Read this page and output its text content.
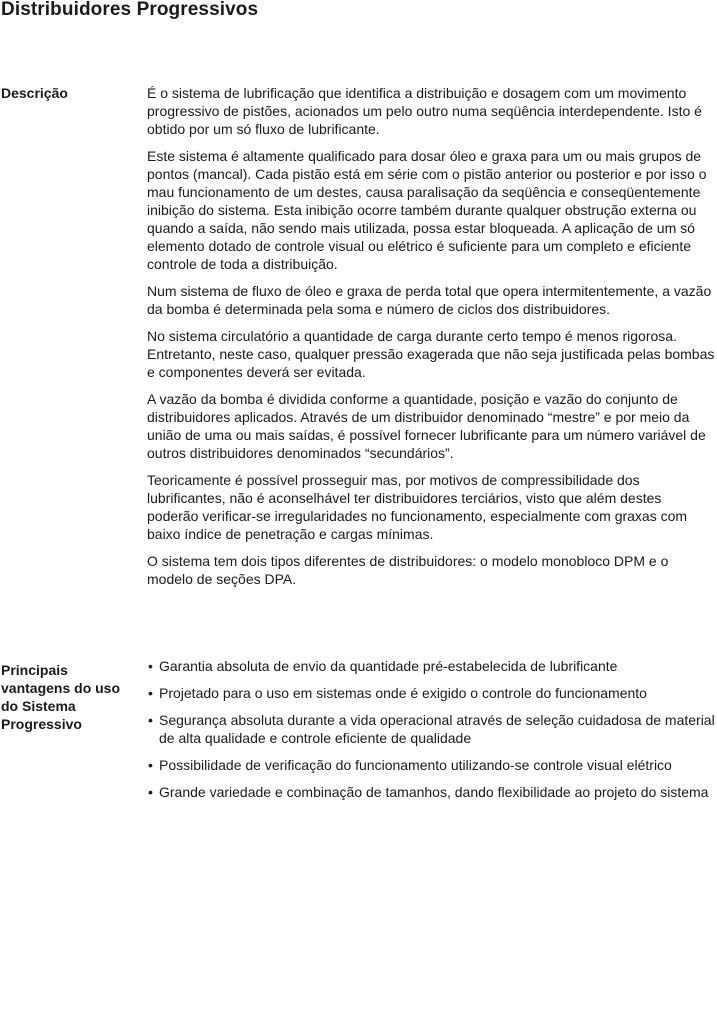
Distribuidores Progressivos
Descrição	É o sistema de lubrificação que identifica a distribuição e dosagem com um movimento progressivo de pistões, acionados um pelo outro numa seqüência interdependente. Isto é obtido por um só fluxo de lubrificante.

Este sistema é altamente qualificado para dosar óleo e graxa para um ou mais grupos de pontos (mancal). Cada pistão está em série com o pistão anterior ou posterior e por isso o mau funcionamento de um destes, causa paralisação da seqüência e conseqüentemente inibição do sistema. Esta inibição ocorre também durante qualquer obstrução externa ou quando a saída, não sendo mais utilizada, possa estar bloqueada. A aplicação de um só elemento dotado de controle visual ou elétrico é suficiente para um completo e eficiente controle de toda a distribuição.

Num sistema de fluxo de óleo e graxa de perda total que opera intermitentemente, a vazão da bomba é determinada pela soma e número de ciclos dos distribuidores.

No sistema circulatório a quantidade de carga durante certo tempo é menos rigorosa. Entretanto, neste caso, qualquer pressão exagerada que não seja justificada pelas bombas e componentes deverá ser evitada.

A vazão da bomba é dividida conforme a quantidade, posição e vazão do conjunto de distribuidores aplicados. Através de um distribuidor denominado “mestre” e por meio da união de uma ou mais saídas, é possível fornecer lubrificante para um número variável de outros distribuidores denominados “secundários”.

Teoricamente é possível prosseguir mas, por motivos de compressibilidade dos lubrificantes, não é aconselhável ter distribuidores terciários, visto que além destes poderão verificar-se irregularidades no funcionamento, especialmente com graxas com baixo índice de penetração e cargas mínimas.

O sistema tem dois tipos diferentes de distribuidores: o modelo monobloco DPM e o modelo de seções DPA.

Principais vantagens do uso do Sistema Progressivo
• Garantia absoluta de envio da quantidade pré-estabelecida de lubrificante
• Projetado para o uso em sistemas onde é exigido o controle do funcionamento
• Segurança absoluta durante a vida operacional através de seleção cuidadosa de material de alta qualidade e controle eficiente de qualidade
• Possibilidade de verificação do funcionamento utilizando-se controle visual elétrico
• Grande variedade e combinação de tamanhos, dando flexibilidade ao projeto do sistema
